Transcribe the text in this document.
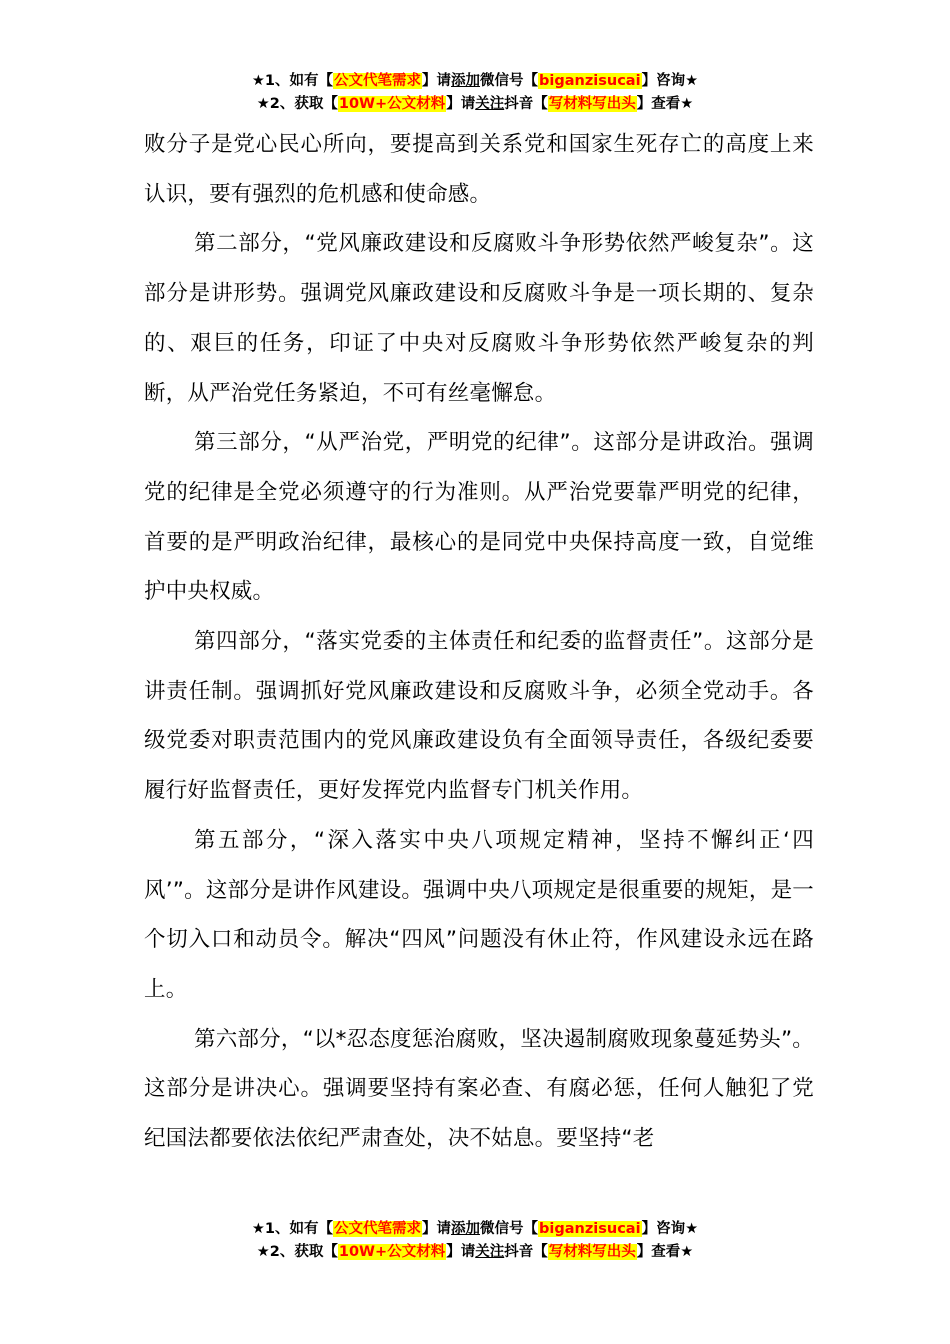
★1、如有【公文代笔需求】请添加微信号【biganzisucai】咨询★
★2、获取【10W+公文材料】请关注抖音【写材料写出头】查看★

败分子是党心民心所向，要提高到关系党和国家生死存亡的高度上来认识，要有强烈的危机感和使命感。

第二部分，“党风廉政建设和反腐败斗争形势依然严峻复杂”。这部分是讲形势。强调党风廉政建设和反腐败斗争是一项长期的、复杂的、艰巨的任务，印证了中央对反腐败斗争形势依然严峻复杂的判断，从严治党任务紧迫，不可有丝毫懈怠。

第三部分，“从严治党，严明党的纪律”。这部分是讲政治。强调党的纪律是全党必须遵守的行为准则。从严治党要靠严明党的纪律，首要的是严明政治纪律，最核心的是同党中央保持高度一致，自觉维护中央权威。

第四部分，“落实党委的主体责任和纪委的监督责任”。这部分是讲责任制。强调抓好党风廉政建设和反腐败斗争，必须全党动手。各级党委对职责范围内的党风廉政建设负有全面领导责任，各级纪委要履行好监督责任，更好发挥党内监督专门机关作用。

第五部分，“深入落实中央八项规定精神，坚持不懈纠正‘四风’”。这部分是讲作风建设。强调中央八项规定是很重要的规矩，是一个切入口和动员令。解决“四风”问题没有休止符，作风建设永远在路上。

第六部分，“以*忍态度惩治腐败，坚决遏制腐败现象蔓延势头”。这部分是讲决心。强调要坚持有案必查、有腐必惩，任何人触犯了党纪国法都要依法依纪严肃查处，决不姑息。要坚持“老

★1、如有【公文代笔需求】请添加微信号【biganzisucai】咨询★
★2、获取【10W+公文材料】请关注抖音【写材料写出头】查看★
